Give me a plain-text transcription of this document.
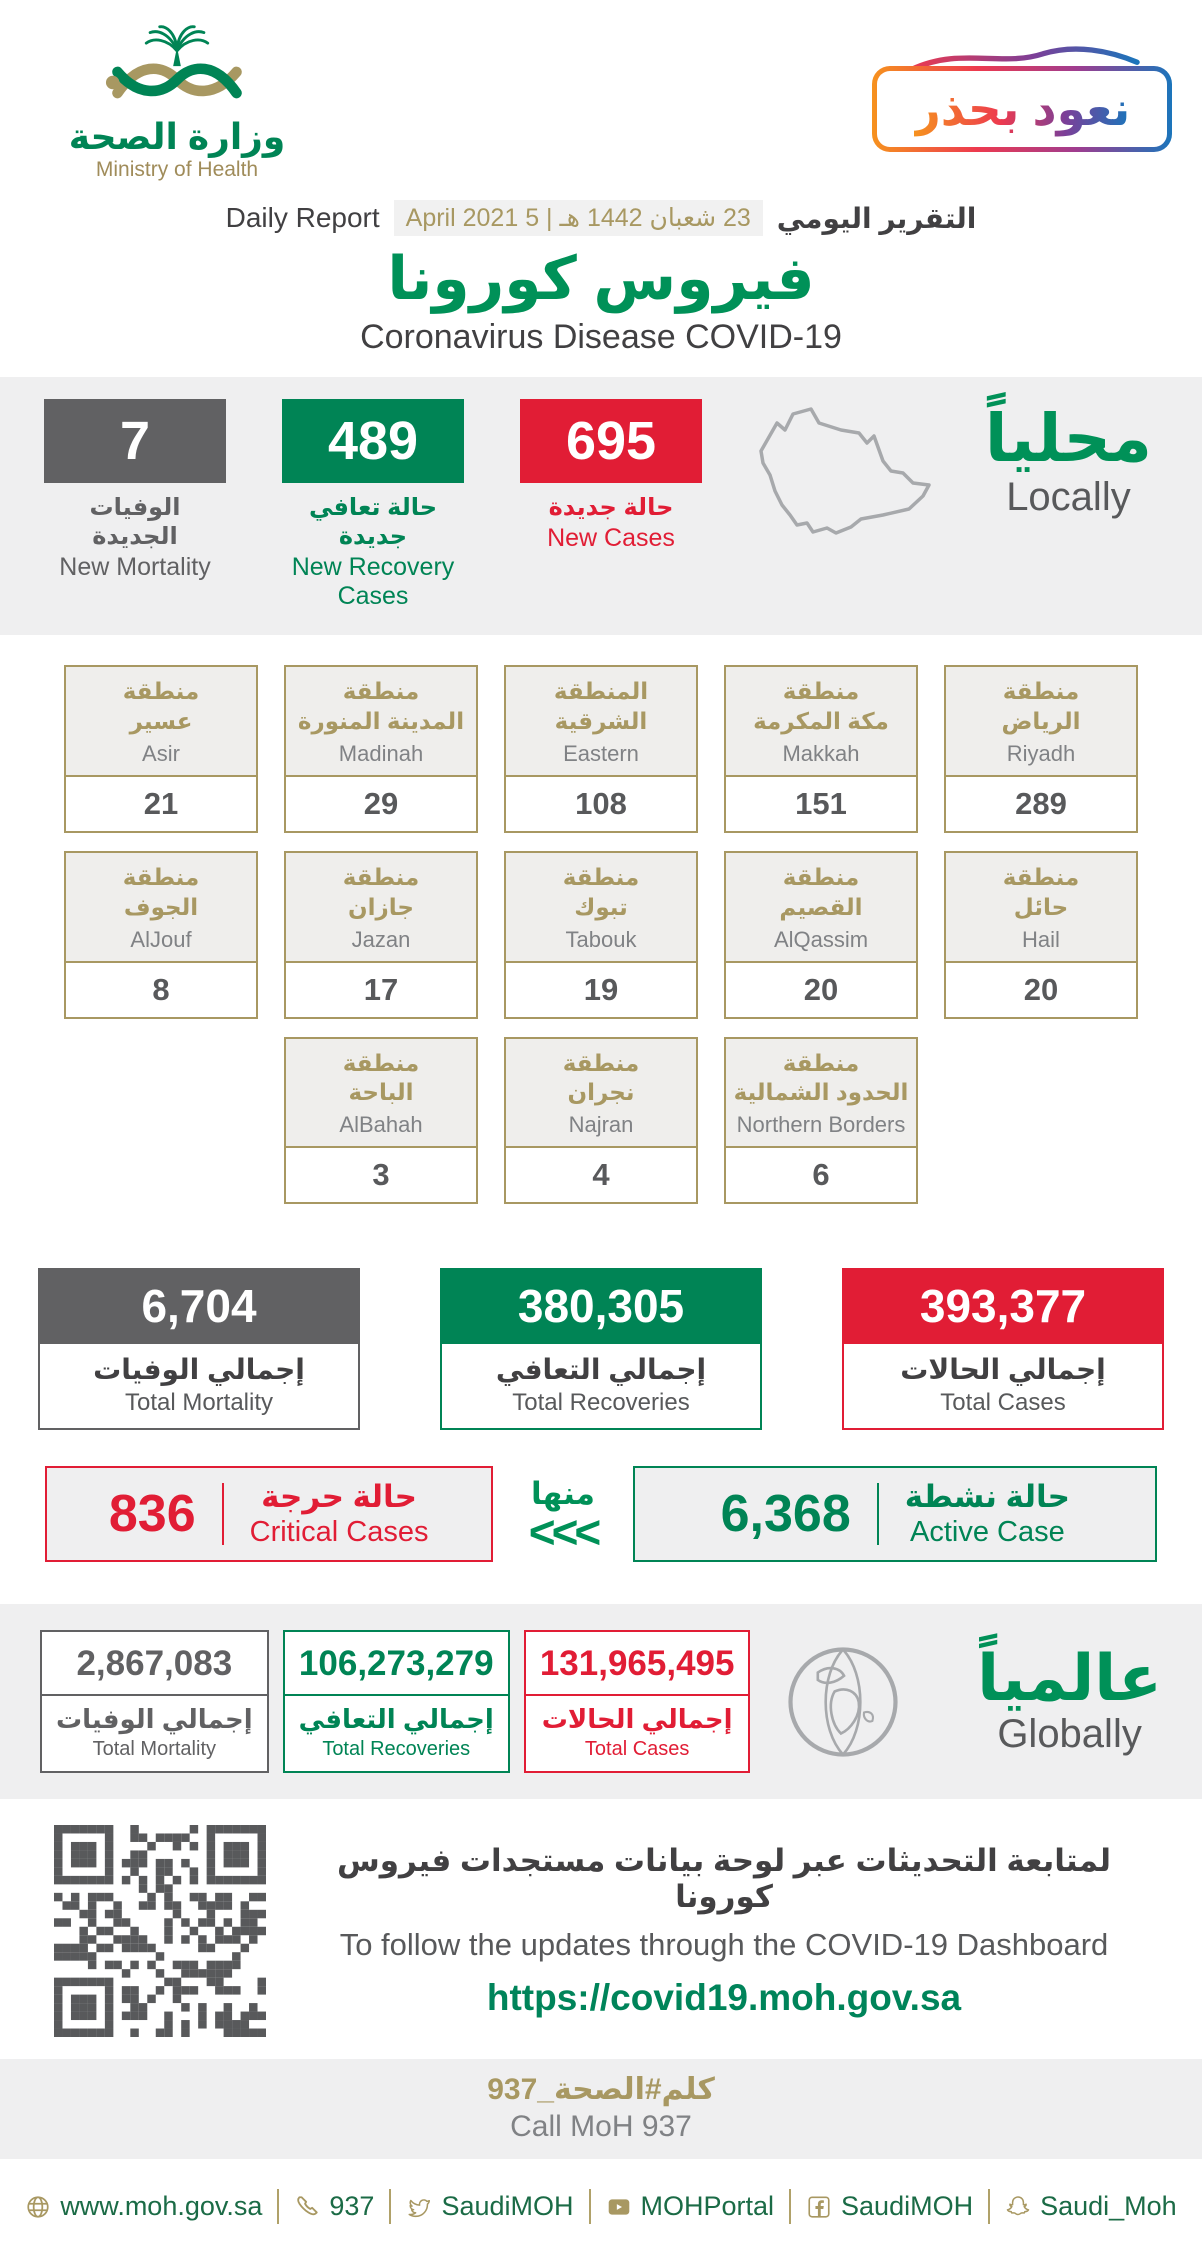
وزارة الصحة
Ministry of Health
نعود بحذر
Daily Report	23 شعبان 1442 هـ | 5 April 2021 التقرير اليومي
فيروس كورونا
Coronavirus Disease COVID-19
7
الوفيات الجديدة
New Mortality
489
حالة تعافي جديدة
New Recovery Cases
695
حالة جديدة
New Cases
محلياً
Locally
منطقة
عسير
Asir
21
منطقة
المدينة المنورة
Madinah
29
المنطقة
الشرقية
Eastern
108
منطقة
مكة المكرمة
Makkah
151
منطقة
الرياض
Riyadh
289
منطقة
الجوف
AlJouf
8
منطقة
جازان
Jazan
17
منطقة
تبوك
Tabouk
19
منطقة
القصيم
AlQassim
20
منطقة
حائل
Hail
20
منطقة
الباحة
AlBahah
3
منطقة
نجران
Najran
4
منطقة
الحدود الشمالية
Northern Borders
6
6,704
إجمالي الوفيات
Total Mortality
380,305
إجمالي التعافي
Total Recoveries
393,377
إجمالي الحالات
Total Cases
836	حالة حرجة
Critical Cases
منها
<<< 6,368 حالة نشطة
Active Case
2,867,083
إجمالي الوفيات
Total Mortality
106,273,279
إجمالي التعافي
Total Recoveries
131,965,495
إجمالي الحالات
Total Cases
عالمياً
Globally
لمتابعة التحديثات عبر لوحة بيانات مستجدات فيروس كورونا
To follow the updates through the COVID-19 Dashboard
https://covid19.moh.gov.sa
كلم#الصحة_937
Call MoH 937
www.moh.gov.sa 937 SaudiMOH MOHPortal SaudiMOH Saudi_Moh
